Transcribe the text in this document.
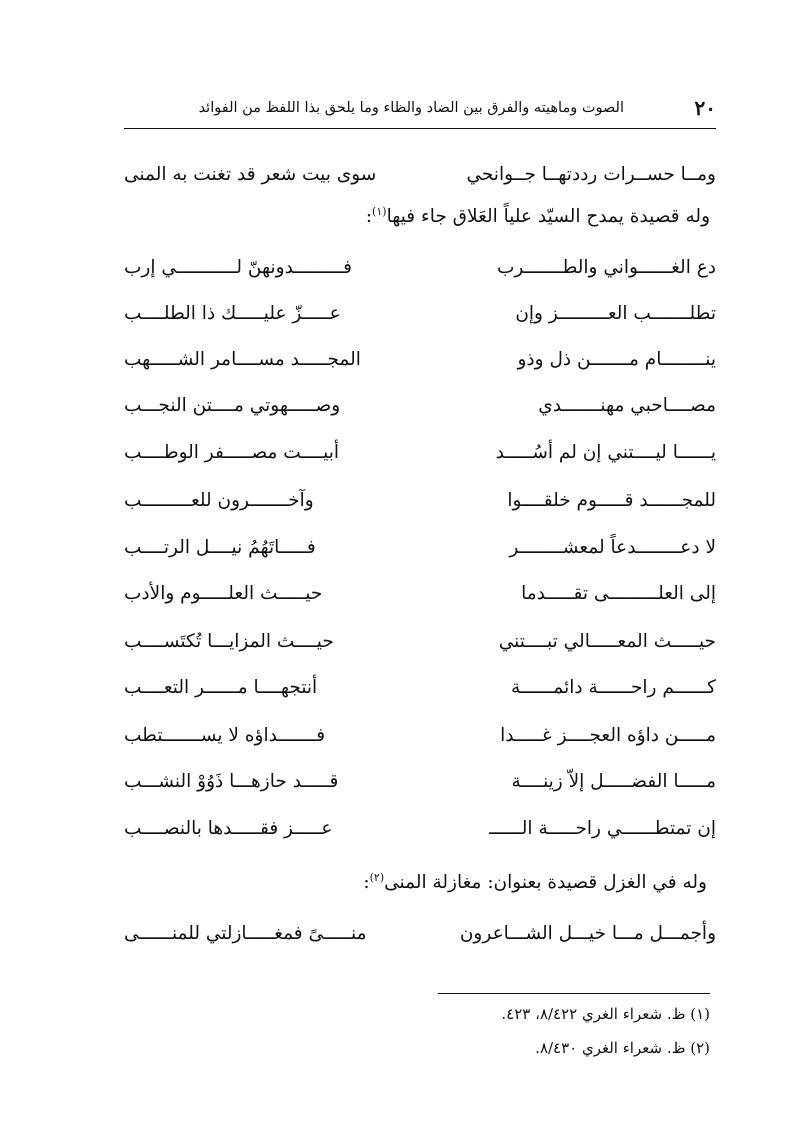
٢٠
الصوت وماهيته والفرق بين الضاد والظاء وما يلحق بذا اللفظ من الفوائد
ومــا حســرات رددتهــا جــوانحي
سوى بيت شعر قد تغنت به المنى
وله قصيدة يمدح السيّد علياً العَلاق جاء فيها$^{(١)}$:
دع الغــــــواني والطـــــــرب
فـــــــــدونهنّ لـــــــــــي إرب
تطلـــــــب العـــــــــز وإن
عـــــزّ عليـــــك ذا الطلــــب
ينــــــــام مـــــــن ذل وذو
المجـــــد مســــامر الشـــــهب
مصــــاحبي مهنـــــــدي
وصـــــهوتي مــــتن النجـــب
يــــــا ليــــتني إن لم أسُـــــد
أبيــــت مصـــــفر الوطــــب
للمجــــــد قـــــوم خلقــــوا
وآخـــــــرون للعـــــــــب
لا دعــــــــدعاً لمعشــــــــر
فـــــاتَهُمُ نيــــل الرتــــب
إلى العلـــــــــى تقـــــدما
حيـــــث العلـــــوم والأدب
حيـــــث المعـــــالي تبــــتني
حيــــث المزايـــا تُكتَســــب
كــــــم راحــــــة دائمــــــة
أنتجهــــا مــــــر التعــــب
مـــــن داؤه العجــــز غـــــدا
فـــــــداؤه لا يســـــــتطب
مـــــا الفضـــــل إلاّ زينــــة
قـــــد حازهـــا ذَوُوْ النشـــب
إن تمتطــــــي راحـــــة الــــــ
عـــــز فقـــــدها بالنصــــب
وله في الغزل قصيدة بعنوان: مغازلة المنى$^{(٢)}$:
وأجمـــل مـــا خيـــل الشـــاعرون
منـــــىً فمغـــــازلتي للمنــــــى
(١) ظ. شعراء الغري ٨/٤٢٢، ٤٢٣.
(٢) ظ. شعراء الغري ٨/٤٣٠.
